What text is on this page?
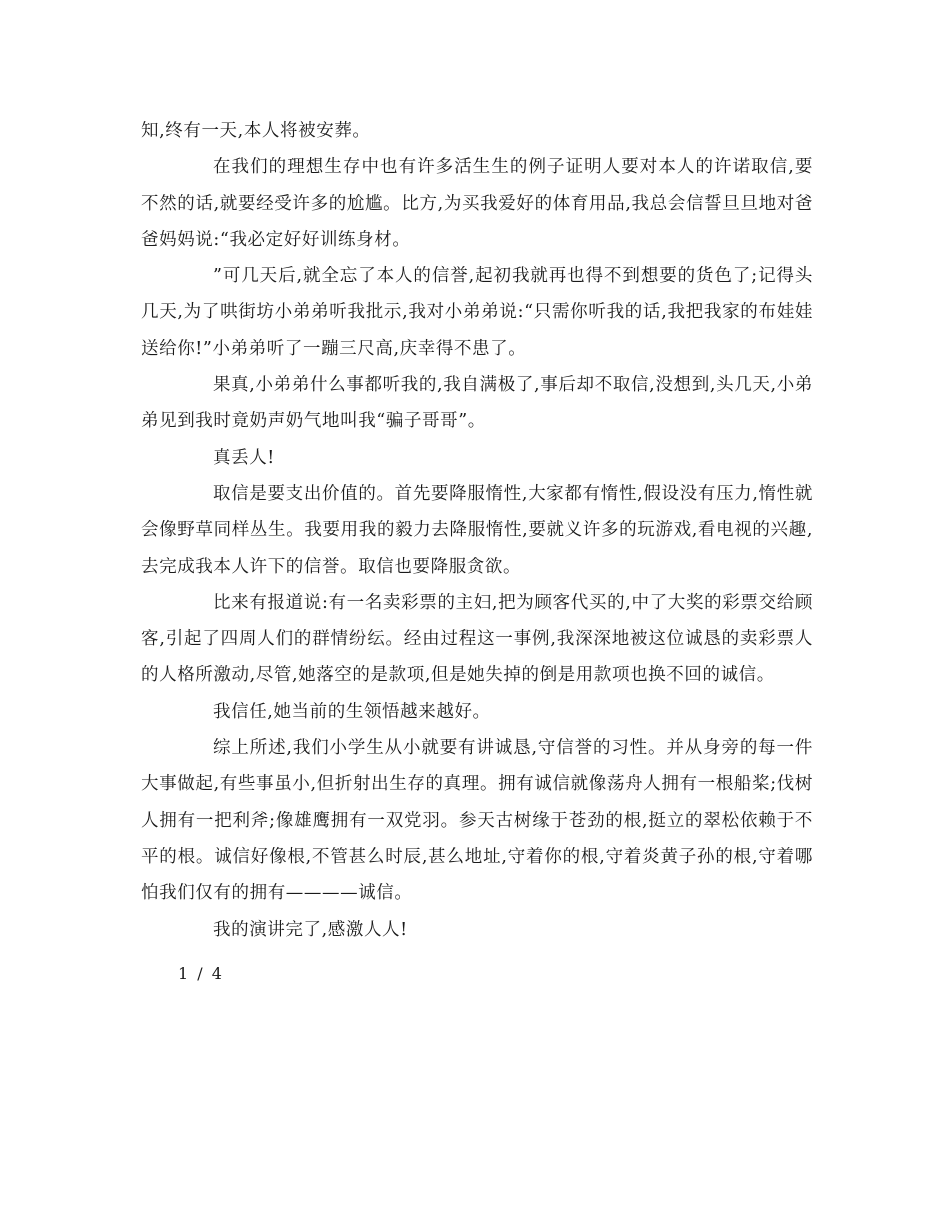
知,终有一天,本人将被安葬。

在我们的理想生存中也有许多活生生的例子证明人要对本人的许诺取信,要不然的话,就要经受许多的尬尴。比方,为买我爱好的体育用品,我总会信誓旦旦地对爸爸妈妈说:“我必定好好训练身材。

”可几天后,就全忘了本人的信誉,起初我就再也得不到想要的货色了;记得头几天,为了哄街坊小弟弟听我批示,我对小弟弟说:“只需你听我的话,我把我家的布娃娃送给你!”小弟弟听了一蹦三尺高,庆幸得不患了。

果真,小弟弟什么事都听我的,我自满极了,事后却不取信,没想到,头几天,小弟弟见到我时竟奶声奶气地叫我“骗子哥哥”。

真丢人!

取信是要支出价值的。首先要降服惰性,大家都有惰性,假设没有压力,惰性就会像野草同样丛生。我要用我的毅力去降服惰性,要就义许多的玩游戏,看电视的兴趣,去完成我本人许下的信誉。取信也要降服贪欲。

比来有报道说:有一名卖彩票的主妇,把为顾客代买的,中了大奖的彩票交给顾客,引起了四周人们的群情纷纭。经由过程这一事例,我深深地被这位诚恳的卖彩票人的人格所激动,尽管,她落空的是款项,但是她失掉的倒是用款项也换不回的诚信。

我信任,她当前的生领悟越来越好。

综上所述,我们小学生从小就要有讲诚恳,守信誉的习性。并从身旁的每一件大事做起,有些事虽小,但折射出生存的真理。拥有诚信就像荡舟人拥有一根船桨;伐树人拥有一把利斧;像雄鹰拥有一双党羽。参天古树缘于苍劲的根,挺立的翠松依赖于不平的根。诚信好像根,不管甚么时辰,甚么地址,守着你的根,守着炎黄子孙的根,守着哪怕我们仅有的拥有————诚信。

我的演讲完了,感激人人!

1 / 4
